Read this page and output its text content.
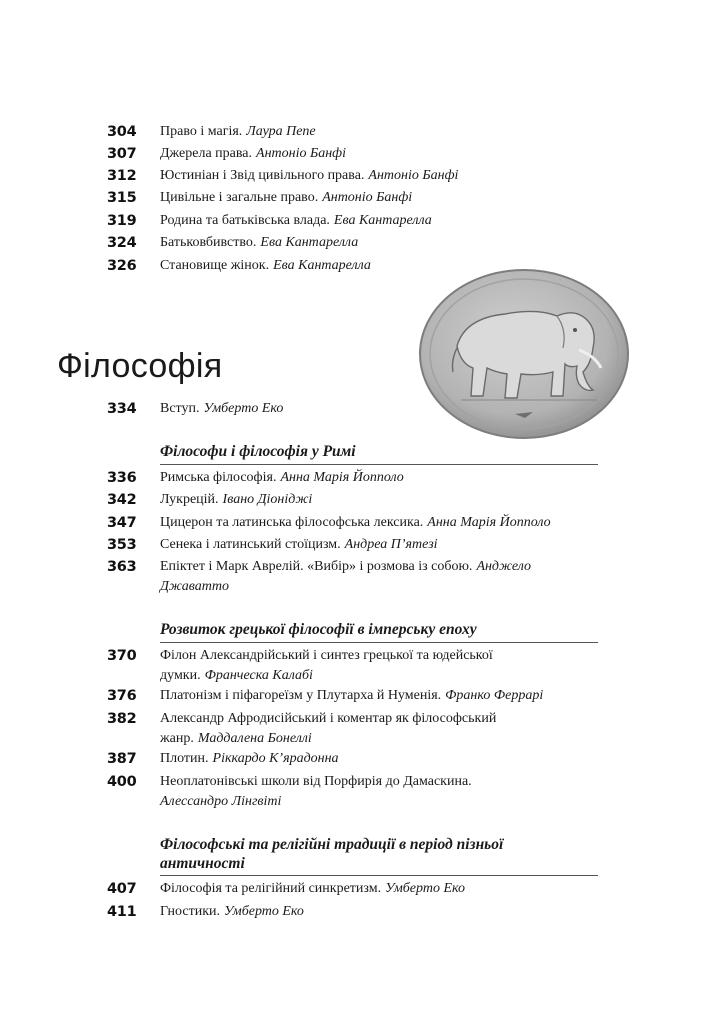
304	Право і магія. Лаура Пепе
307	Джерела права. Антоніо Банфі
312	Юстиніан і Звід цивільного права. Антоніо Банфі
315	Цивільне і загальне право. Антоніо Банфі
319	Родина та батьківська влада. Ева Кантарелла
324	Батьковбивство. Ева Кантарелла
326	Становище жінок. Ева Кантарелла
Філософія
334	Вступ. Умберто Еко
Філософи і філософія у Римі
336	Римська філософія. Анна Марія Йопполо
342	Лукрецій. Івано Діоніджі
347	Цицерон та латинська філософська лексика. Анна Марія Йопполо
353	Сенека і латинський стоїцизм. Андреа П’ятезі
363	Епіктет і Марк Аврелій. «Вибір» і розмова із собою. Анджело Джаватто
Розвиток грецької філософії в імперську епоху
370	Філон Александрійський і синтез грецької та юдейської думки. Франческа Калабі
376	Платонізм і піфагореїзм у Плутарха й Нуменія. Франко Феррарі
382	Александр Афродисійський і коментар як філософський жанр. Маддалена Бонеллі
387	Плотин. Ріккардо К’ярадонна
400	Неоплатонівські школи від Порфирія до Дамаскина.
Алессандро Лінгвіті
Філософські та релігійні традиції в період пізньої античності
407	Філософія та релігійний синкретизм. Умберто Еко
411	Гностики. Умберто Еко
